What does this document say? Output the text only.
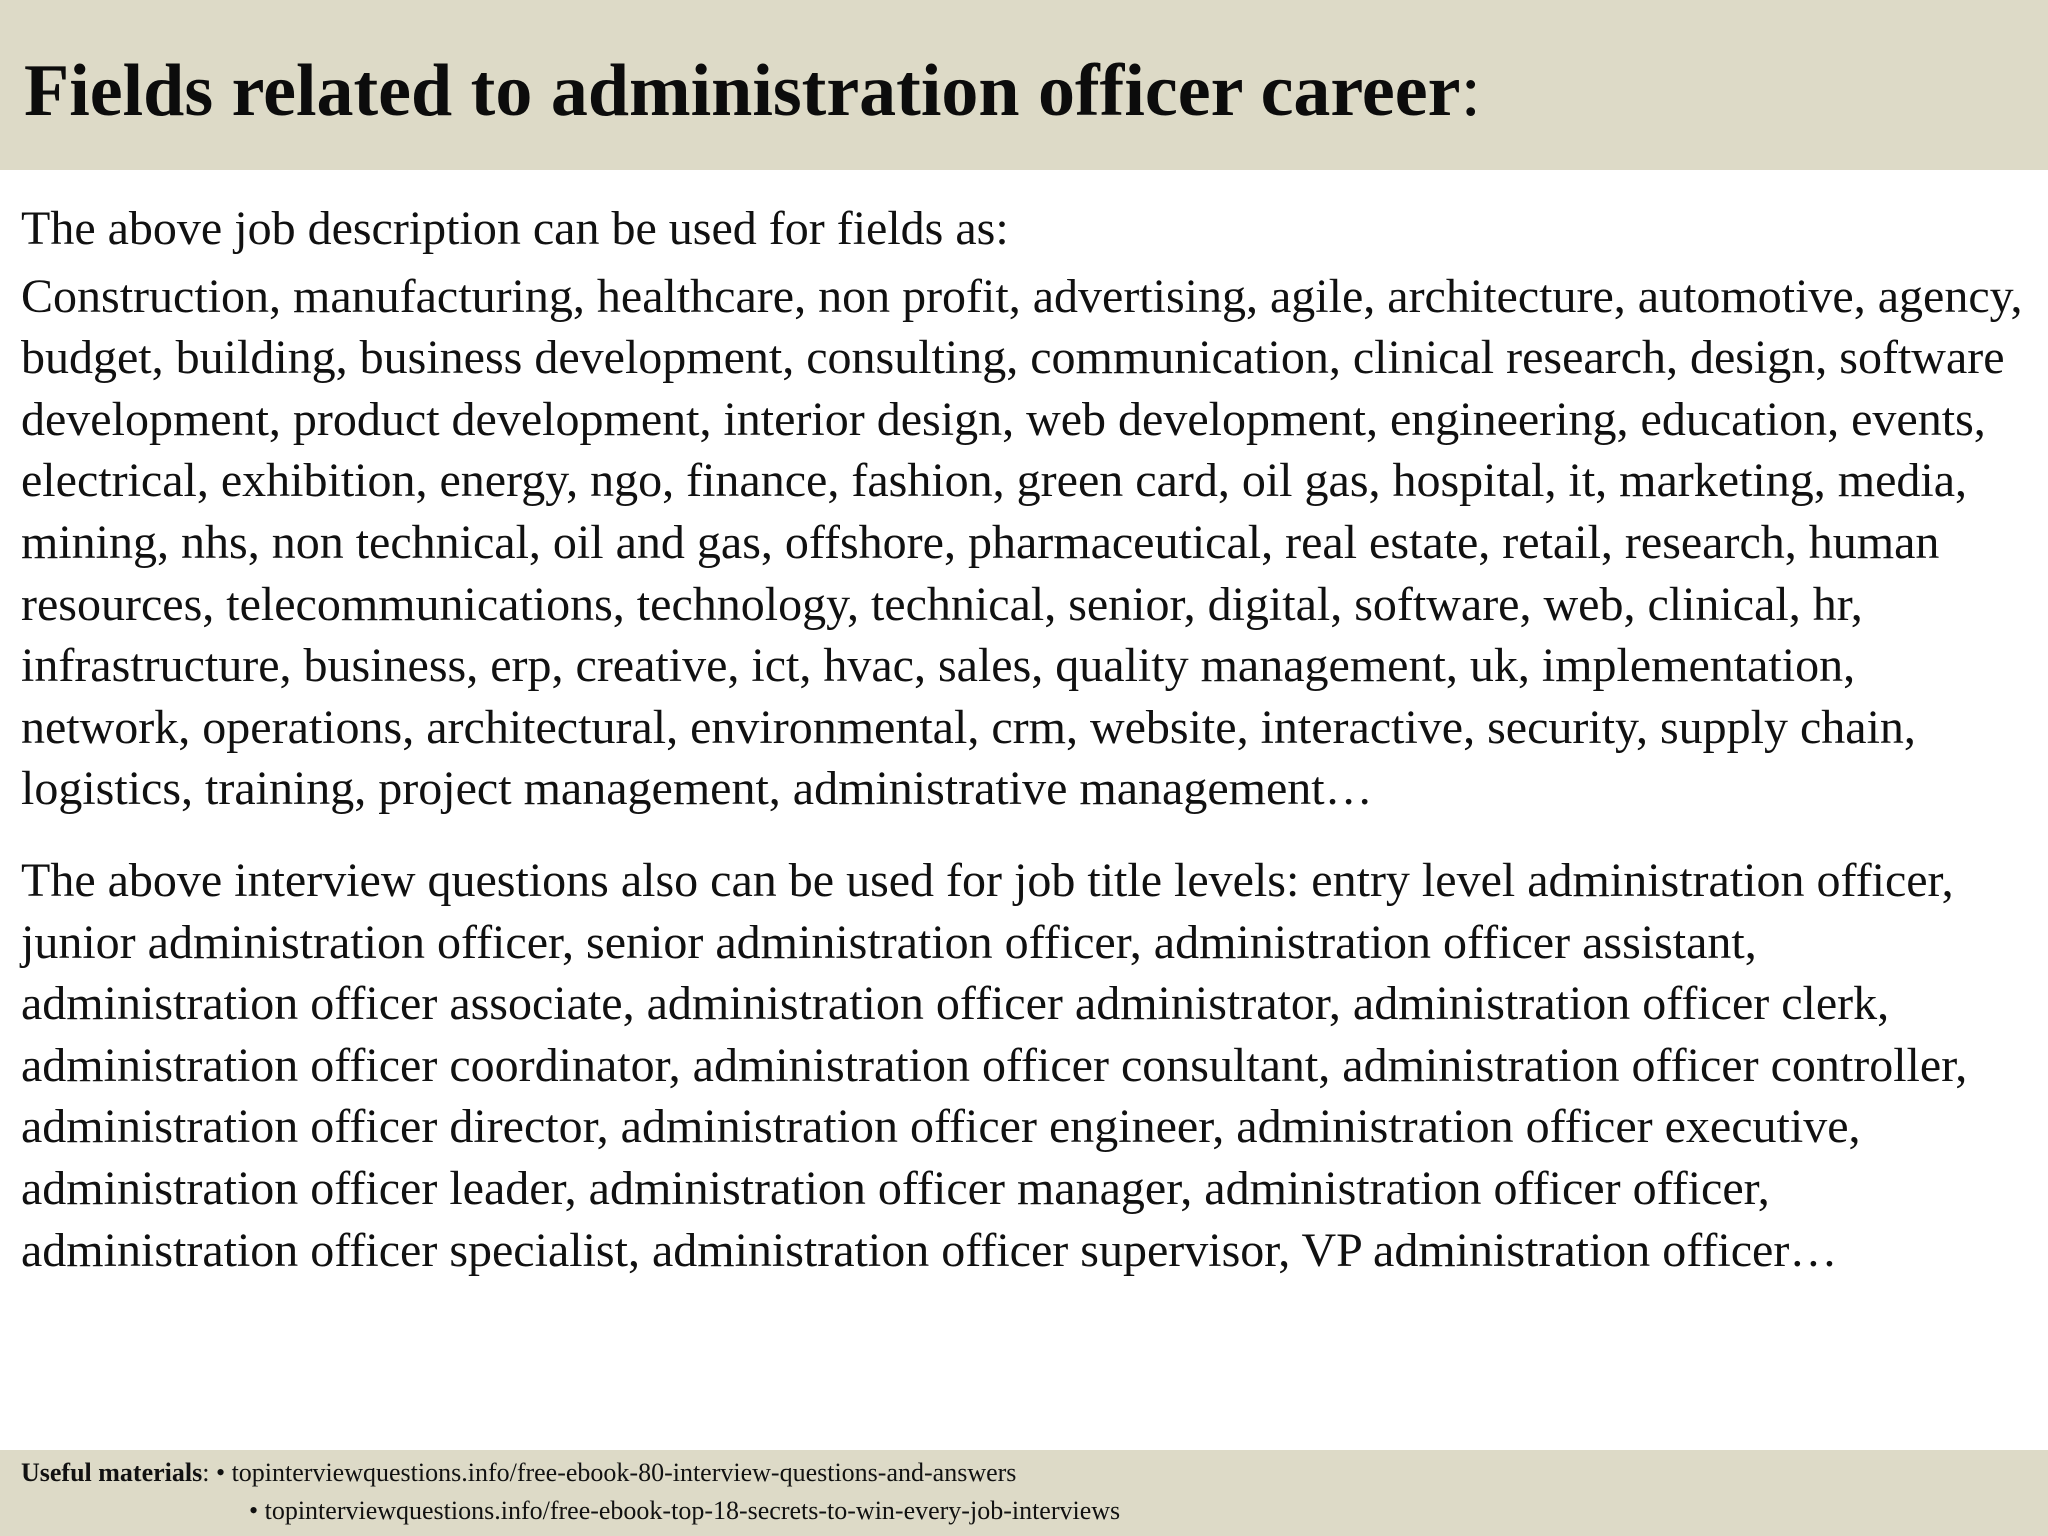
Fields related to administration officer career:

The above job description can be used for fields as:

Construction, manufacturing, healthcare, non profit, advertising, agile, architecture, automotive, agency, budget, building, business development, consulting, communication, clinical research, design, software development, product development, interior design, web development, engineering, education, events, electrical, exhibition, energy, ngo, finance, fashion, green card, oil gas, hospital, it, marketing, media, mining, nhs, non technical, oil and gas, offshore, pharmaceutical, real estate, retail, research, human resources, telecommunications, technology, technical, senior, digital, software, web, clinical, hr, infrastructure, business, erp, creative, ict, hvac, sales, quality management, uk, implementation, network, operations, architectural, environmental, crm, website, interactive, security, supply chain, logistics, training, project management, administrative management…

The above interview questions also can be used for job title levels: entry level administration officer, junior administration officer, senior administration officer, administration officer assistant, administration officer associate, administration officer administrator, administration officer clerk, administration officer coordinator, administration officer consultant, administration officer controller, administration officer director, administration officer engineer, administration officer executive, administration officer leader, administration officer manager, administration officer officer, administration officer specialist, administration officer supervisor, VP administration officer…

Useful materials: • topinterviewquestions.info/free-ebook-80-interview-questions-and-answers
• topinterviewquestions.info/free-ebook-top-18-secrets-to-win-every-job-interviews
